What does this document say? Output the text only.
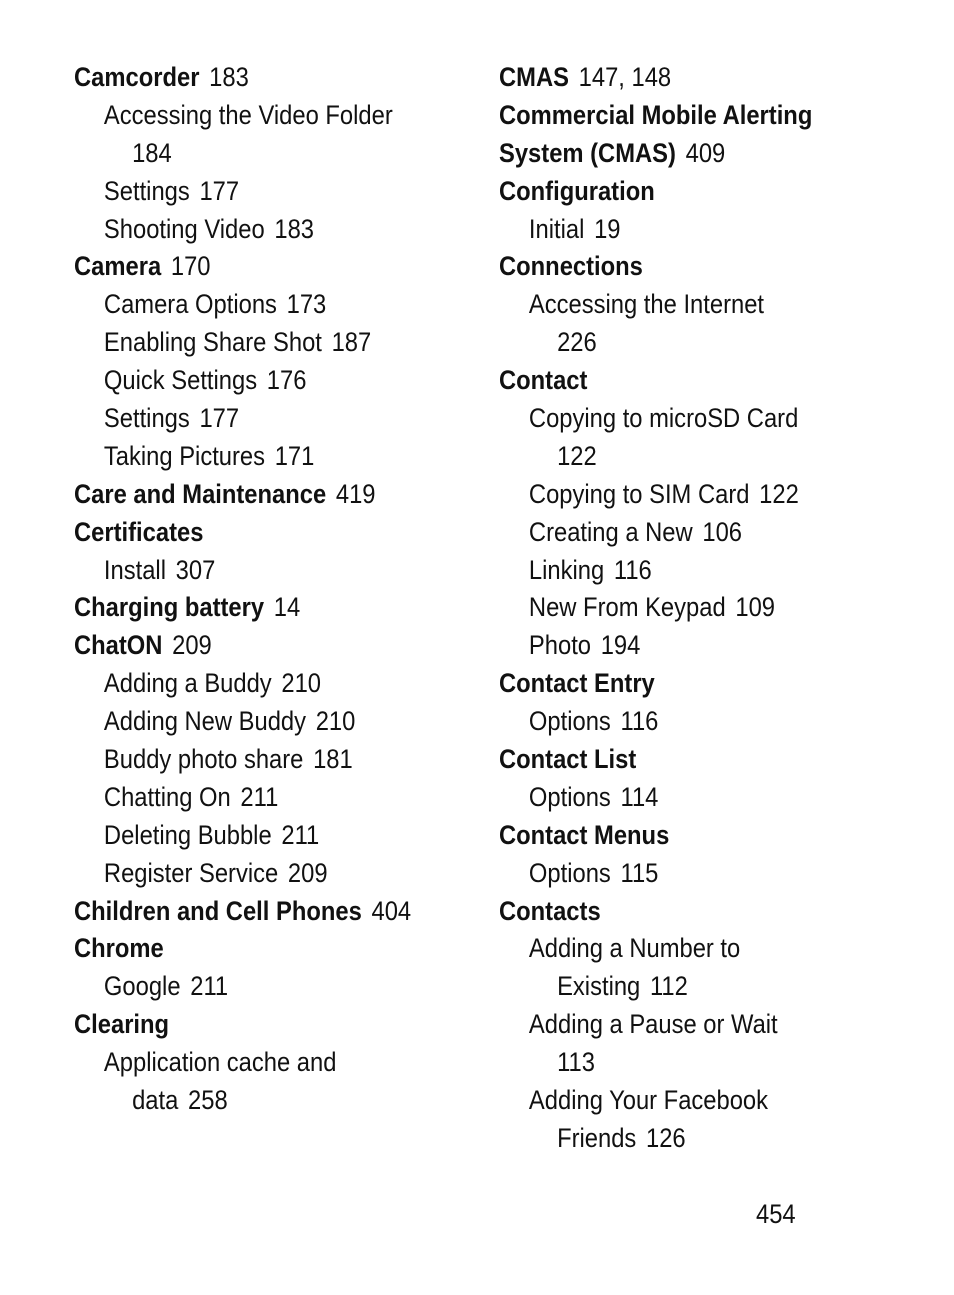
Camcorder 183
Accessing the Video Folder
184
Settings 177
Shooting Video 183
Camera 170
Camera Options 173
Enabling Share Shot 187
Quick Settings 176
Settings 177
Taking Pictures 171
Care and Maintenance 419
Certificates
Install 307
Charging battery 14
ChatON 209
Adding a Buddy 210
Adding New Buddy 210
Buddy photo share 181
Chatting On 211
Deleting Bubble 211
Register Service 209
Children and Cell Phones 404
Chrome
Google 211
Clearing
Application cache and
data 258
CMAS 147, 148
Commercial Mobile Alerting
System (CMAS) 409
Configuration
Initial 19
Connections
Accessing the Internet
226
Contact
Copying to microSD Card
122
Copying to SIM Card 122
Creating a New 106
Linking 116
New From Keypad 109
Photo 194
Contact Entry
Options 116
Contact List
Options 114
Contact Menus
Options 115
Contacts
Adding a Number to
Existing 112
Adding a Pause or Wait
113
Adding Your Facebook
Friends 126
454
